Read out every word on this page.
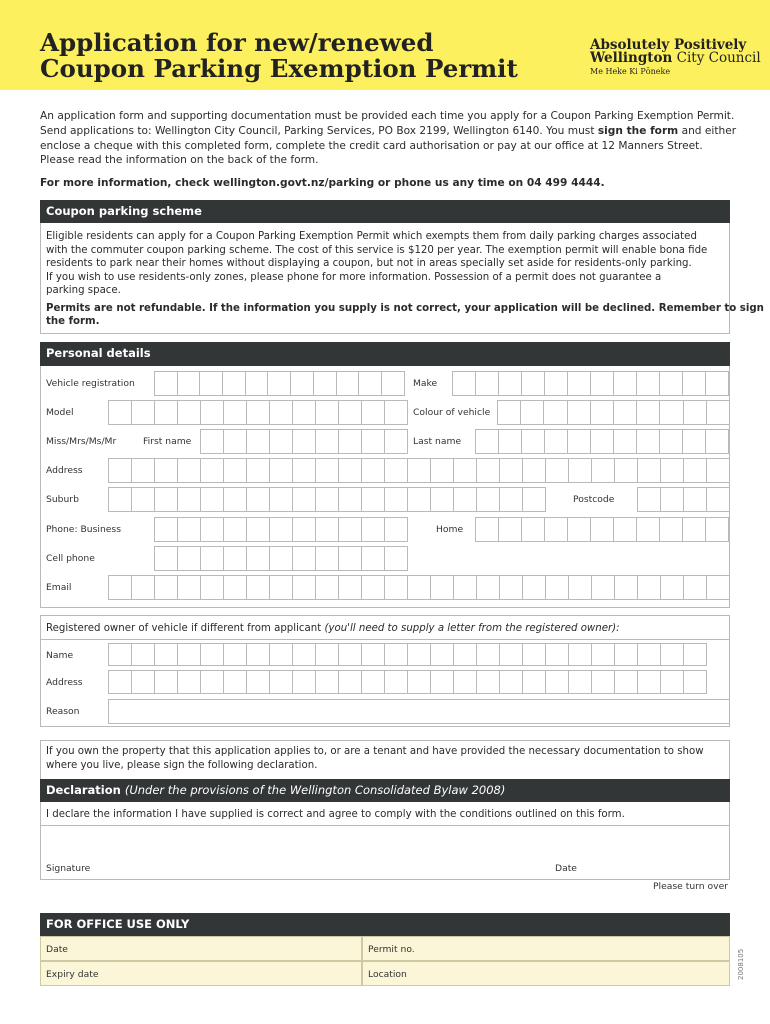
Application for new/renewed
Coupon Parking Exemption Permit
Absolutely Positively
Wellington City Council
Me Heke Ki Pōneke
An application form and supporting documentation must be provided each time you apply for a Coupon Parking Exemption Permit.
Send applications to: Wellington City Council, Parking Services, PO Box 2199, Wellington 6140. You must sign the form and either
enclose a cheque with this completed form, complete the credit card authorisation or pay at our office at 12 Manners Street.
Please read the information on the back of the form.
For more information, check wellington.govt.nz/parking or phone us any time on 04 499 4444.
Coupon parking scheme
Eligible residents can apply for a Coupon Parking Exemption Permit which exempts them from daily parking charges associated
with the commuter coupon parking scheme. The cost of this service is $120 per year. The exemption permit will enable bona fide
residents to park near their homes without displaying a coupon, but not in areas specially set aside for residents-only parking.
If you wish to use residents-only zones, please phone for more information. Possession of a permit does not guarantee a
parking space.
Permits are not refundable. If the information you supply is not correct, your application will be declined. Remember to sign
the form.
Personal details
Vehicle registration	Make
Model	Colour of vehicle
Miss/Mrs/Ms/Mr	First name	Last name
Address
Suburb	Postcode
Phone: Business	Home
Cell phone
Email
Registered owner of vehicle if different from applicant (you'll need to supply a letter from the registered owner):
Name
Address
Reason
If you own the property that this application applies to, or are a tenant and have provided the necessary documentation to show
where you live, please sign the following declaration.
Declaration (Under the provisions of the Wellington Consolidated Bylaw 2008)
I declare the information I have supplied is correct and agree to comply with the conditions outlined on this form.
Signature	Date
Please turn over
FOR OFFICE USE ONLY
Date	Permit no.
Expiry date	Location	2008105
